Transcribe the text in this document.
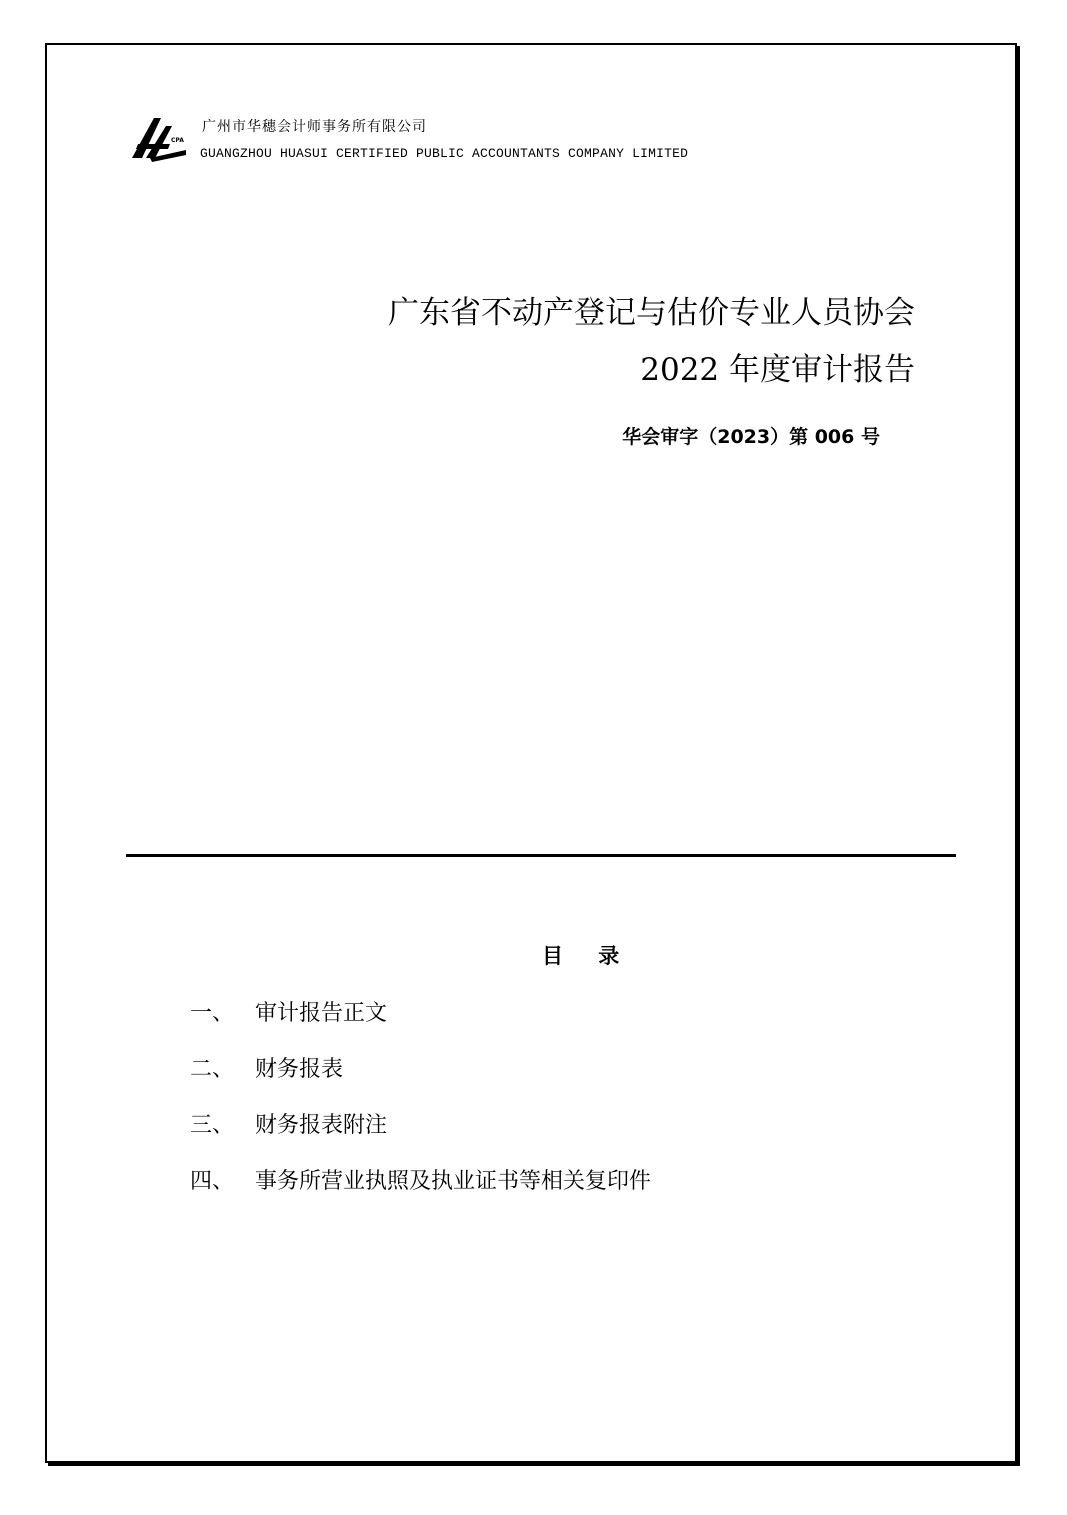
CPA
广州市华穗会计师事务所有限公司
GUANGZHOU HUASUI CERTIFIED PUBLIC ACCOUNTANTS COMPANY LIMITED
广东省不动产登记与估价专业人员协会
2022 年度审计报告
华会审字（2023）第 006 号
目 录
一、 审计报告正文
二、 财务报表
三、 财务报表附注
四、 事务所营业执照及执业证书等相关复印件
